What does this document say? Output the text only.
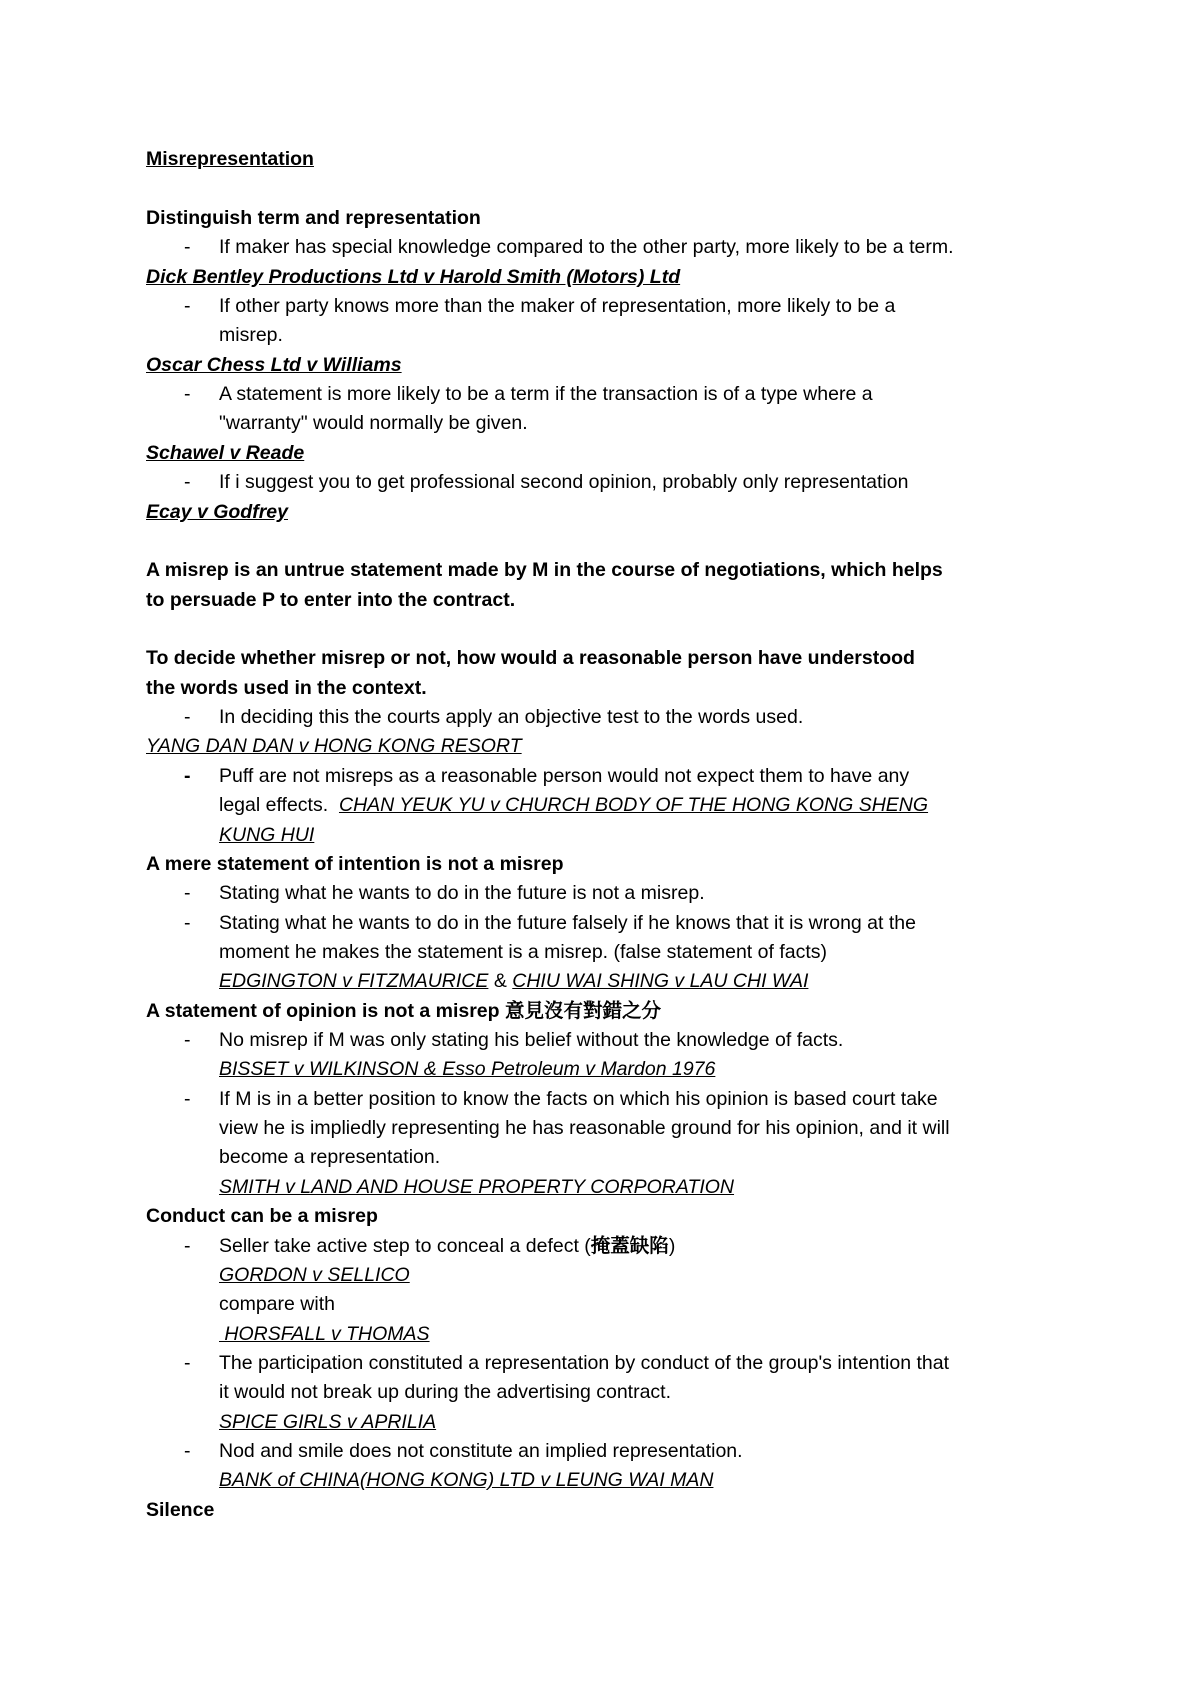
Misrepresentation
Distinguish term and representation
- If maker has special knowledge compared to the other party, more likely to be a term.
Dick Bentley Productions Ltd v Harold Smith (Motors) Ltd
- If other party knows more than the maker of representation, more likely to be a
misrep.
Oscar Chess Ltd v Williams
- A statement is more likely to be a term if the transaction is of a type where a
"warranty" would normally be given.
Schawel v Reade
- If i suggest you to get professional second opinion, probably only representation
Ecay v Godfrey
A misrep is an untrue statement made by M in the course of negotiations, which helps
to persuade P to enter into the contract.
To decide whether misrep or not, how would a reasonable person have understood
the words used in the context.
- In deciding this the courts apply an objective test to the words used.
YANG DAN DAN v HONG KONG RESORT
- Puff are not misreps as a reasonable person would not expect them to have any
legal effects. CHAN YEUK YU v CHURCH BODY OF THE HONG KONG SHENG
KUNG HUI
A mere statement of intention is not a misrep
- Stating what he wants to do in the future is not a misrep.
- Stating what he wants to do in the future falsely if he knows that it is wrong at the
moment he makes the statement is a misrep. (false statement of facts)
EDGINGTON v FITZMAURICE & CHIU WAI SHING v LAU CHI WAI
A statement of opinion is not a misrep 意見沒有對錯之分
- No misrep if M was only stating his belief without the knowledge of facts.
BISSET v WILKINSON & Esso Petroleum v Mardon 1976
- If M is in a better position to know the facts on which his opinion is based court take
view he is impliedly representing he has reasonable ground for his opinion, and it will
become a representation.
SMITH v LAND AND HOUSE PROPERTY CORPORATION
Conduct can be a misrep
- Seller take active step to conceal a defect (掩蓋缺陷)
GORDON v SELLICO
compare with
HORSFALL v THOMAS
- The participation constituted a representation by conduct of the group's intention that
it would not break up during the advertising contract.
SPICE GIRLS v APRILIA
- Nod and smile does not constitute an implied representation.
BANK of CHINA(HONG KONG) LTD v LEUNG WAI MAN
Silence
